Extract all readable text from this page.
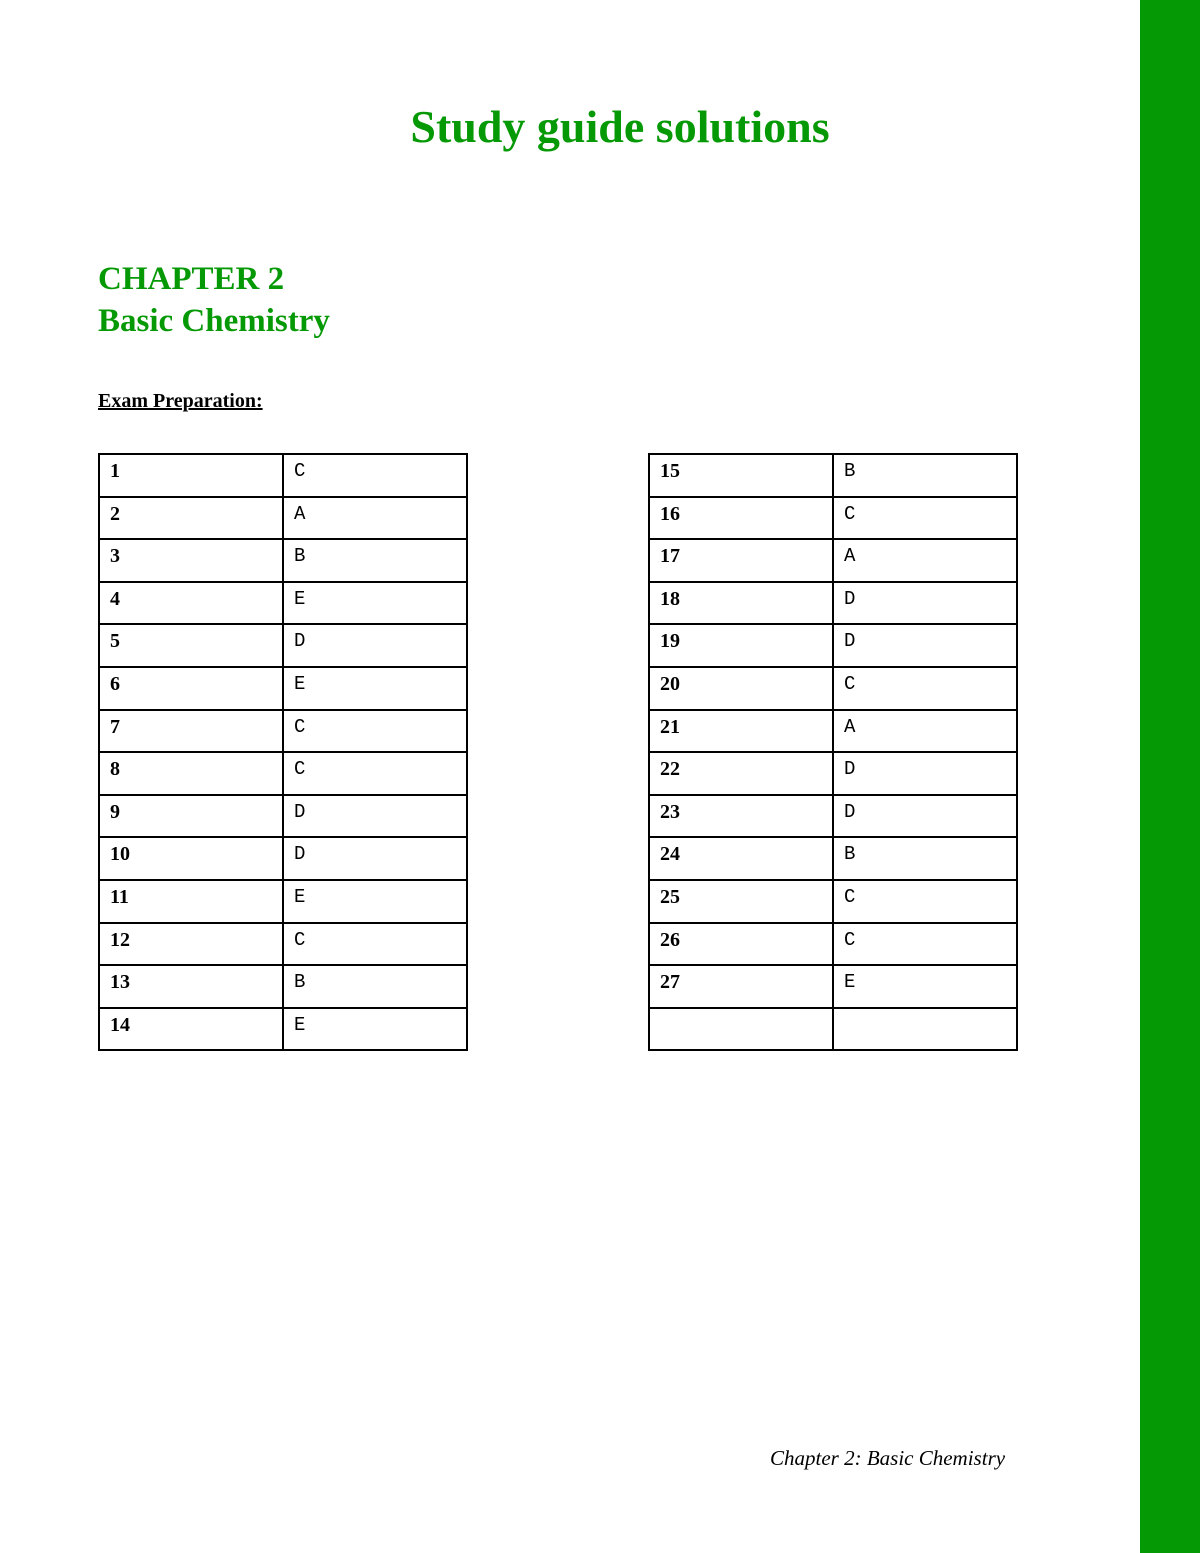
Study guide solutions
CHAPTER 2
Basic Chemistry

Exam Preparation:

1	C
2	A
3	B
4	E
5	D
6	E
7	C
8	C
9	D
10	D
11	E
12	C
13	B
14	E
15	B
16	C
17	A
18	D
19	D
20	C
21	A
22	D
23	D
24	B
25	C
26	C
27	E

Chapter 2: Basic Chemistry
